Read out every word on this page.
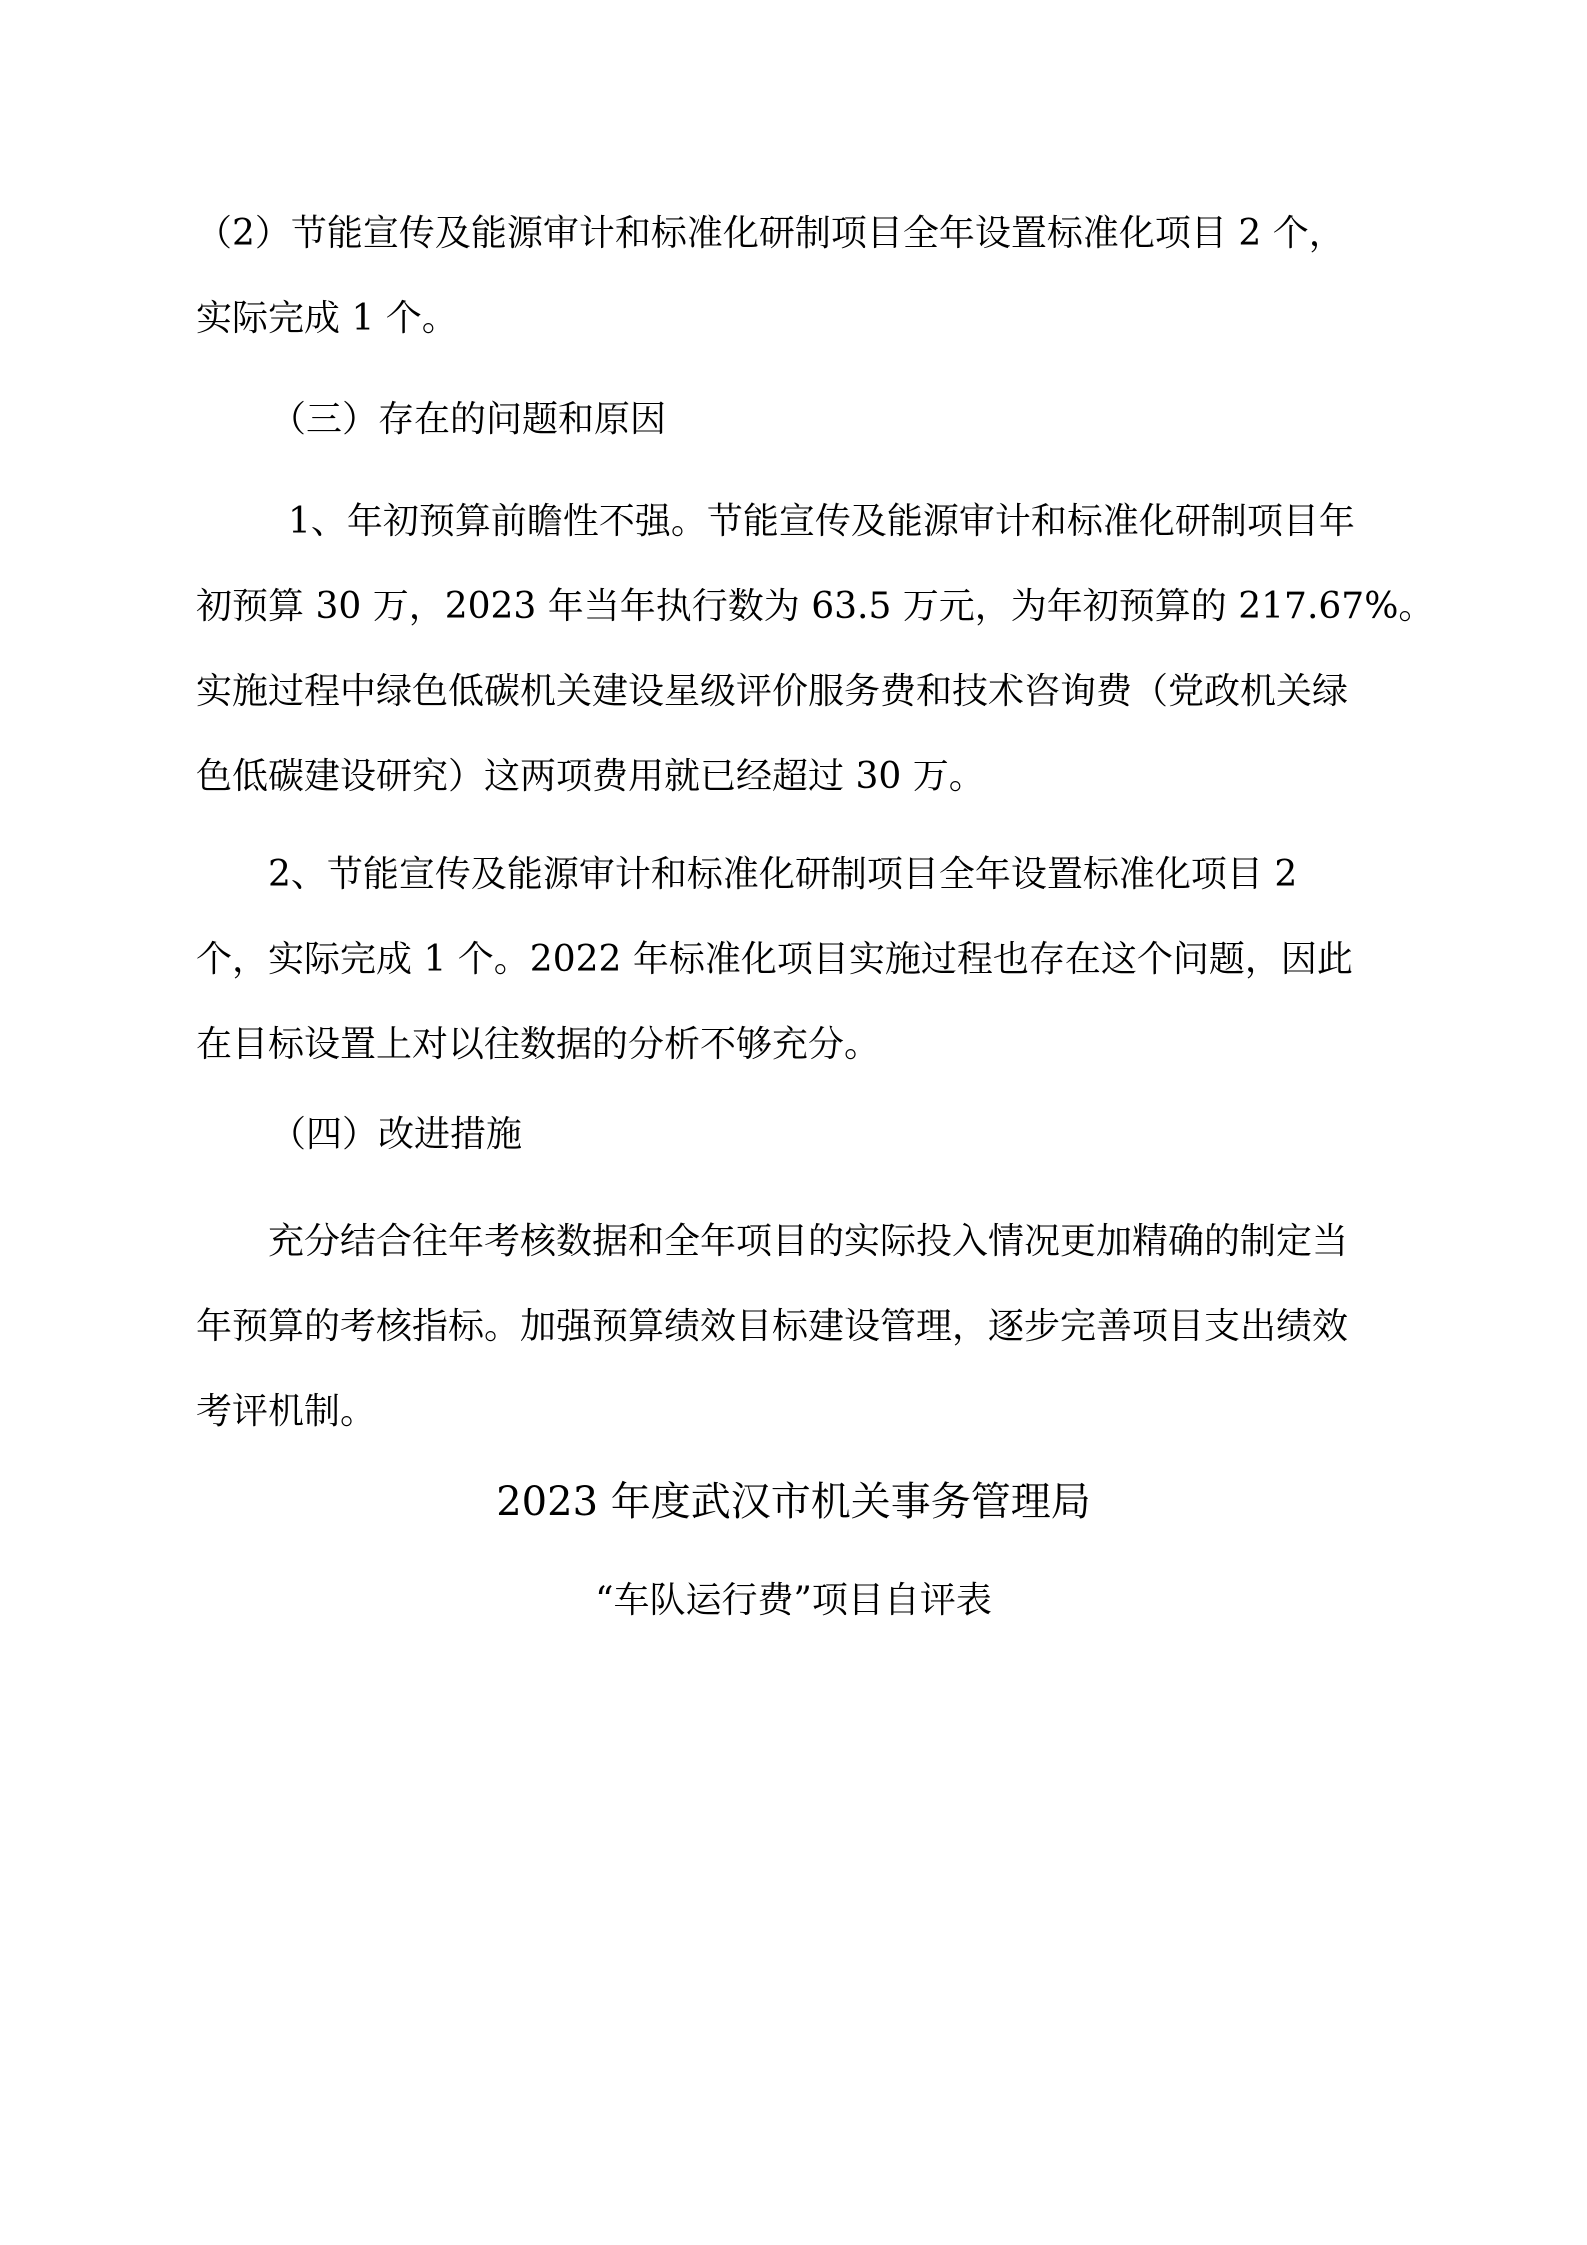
（2）节能宣传及能源审计和标准化研制项目全年设置标准化项目 2 个，

实际完成 1 个。

（三）存在的问题和原因

1、年初预算前瞻性不强。节能宣传及能源审计和标准化研制项目年

初预算 30 万，2023 年当年执行数为 63.5 万元，为年初预算的 217.67%。

实施过程中绿色低碳机关建设星级评价服务费和技术咨询费（党政机关绿

色低碳建设研究）这两项费用就已经超过 30 万。

2、节能宣传及能源审计和标准化研制项目全年设置标准化项目 2

个，实际完成 1 个。2022 年标准化项目实施过程也存在这个问题，因此

在目标设置上对以往数据的分析不够充分。

（四）改进措施

充分结合往年考核数据和全年项目的实际投入情况更加精确的制定当

年预算的考核指标。加强预算绩效目标建设管理，逐步完善项目支出绩效

考评机制。

2023 年度武汉市机关事务管理局
“车队运行费”项目自评表
